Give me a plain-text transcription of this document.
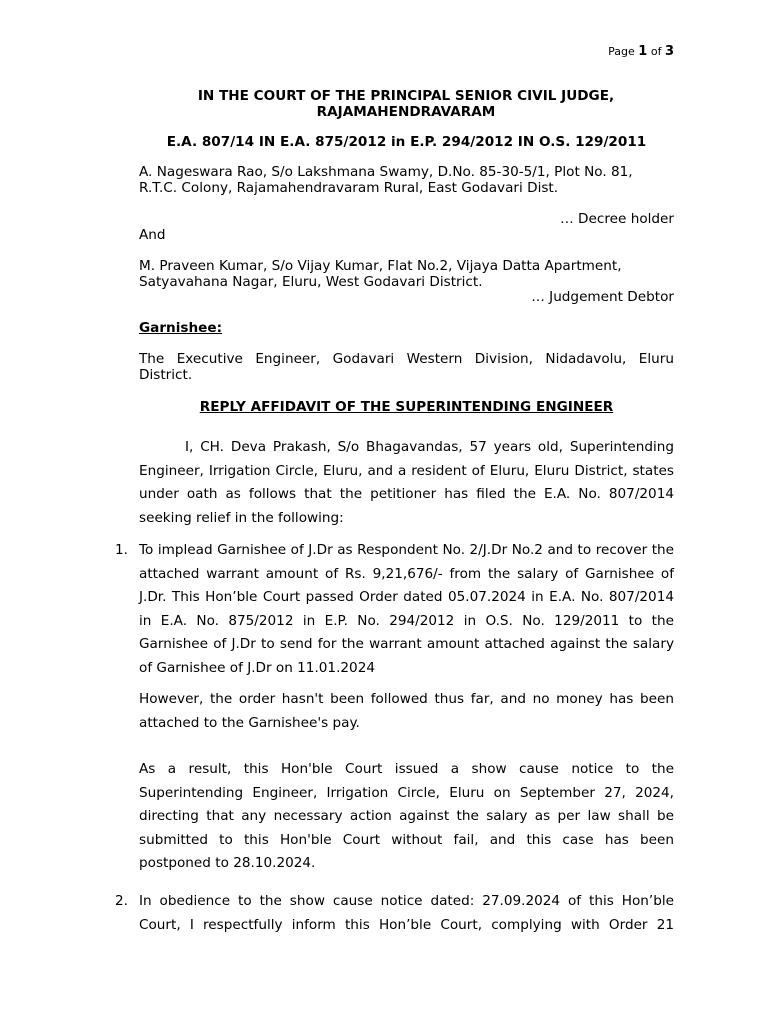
Page 1 of 3
IN THE COURT OF THE PRINCIPAL SENIOR CIVIL JUDGE, RAJAMAHENDRAVARAM
E.A. 807/14 IN E.A. 875/2012 in E.P. 294/2012 IN O.S. 129/2011
A. Nageswara Rao, S/o Lakshmana Swamy, D.No. 85-30-5/1, Plot No. 81, R.T.C. Colony, Rajamahendravaram Rural, East Godavari Dist.
… Decree holder
And
M. Praveen Kumar, S/o Vijay Kumar, Flat No.2, Vijaya Datta Apartment, Satyavahana Nagar, Eluru, West Godavari District.
… Judgement Debtor
Garnishee:
The Executive Engineer, Godavari Western Division, Nidadavolu, Eluru District.
REPLY AFFIDAVIT OF THE SUPERINTENDING ENGINEER
I, CH. Deva Prakash, S/o Bhagavandas, 57 years old, Superintending Engineer, Irrigation Circle, Eluru, and a resident of Eluru, Eluru District, states under oath as follows that the petitioner has filed the E.A. No. 807/2014 seeking relief in the following:
1. To implead Garnishee of J.Dr as Respondent No. 2/J.Dr No.2 and to recover the attached warrant amount of Rs. 9,21,676/- from the salary of Garnishee of J.Dr. This Hon’ble Court passed Order dated 05.07.2024 in E.A. No. 807/2014 in E.A. No. 875/2012 in E.P. No. 294/2012 in O.S. No. 129/2011 to the Garnishee of J.Dr to send for the warrant amount attached against the salary of Garnishee of J.Dr on 11.01.2024
However, the order hasn't been followed thus far, and no money has been attached to the Garnishee's pay.
As a result, this Hon'ble Court issued a show cause notice to the Superintending Engineer, Irrigation Circle, Eluru on September 27, 2024, directing that any necessary action against the salary as per law shall be submitted to this Hon'ble Court without fail, and this case has been postponed to 28.10.2024.
2. In obedience to the show cause notice dated: 27.09.2024 of this Hon’ble Court, I respectfully inform this Hon’ble Court, complying with Order 21
